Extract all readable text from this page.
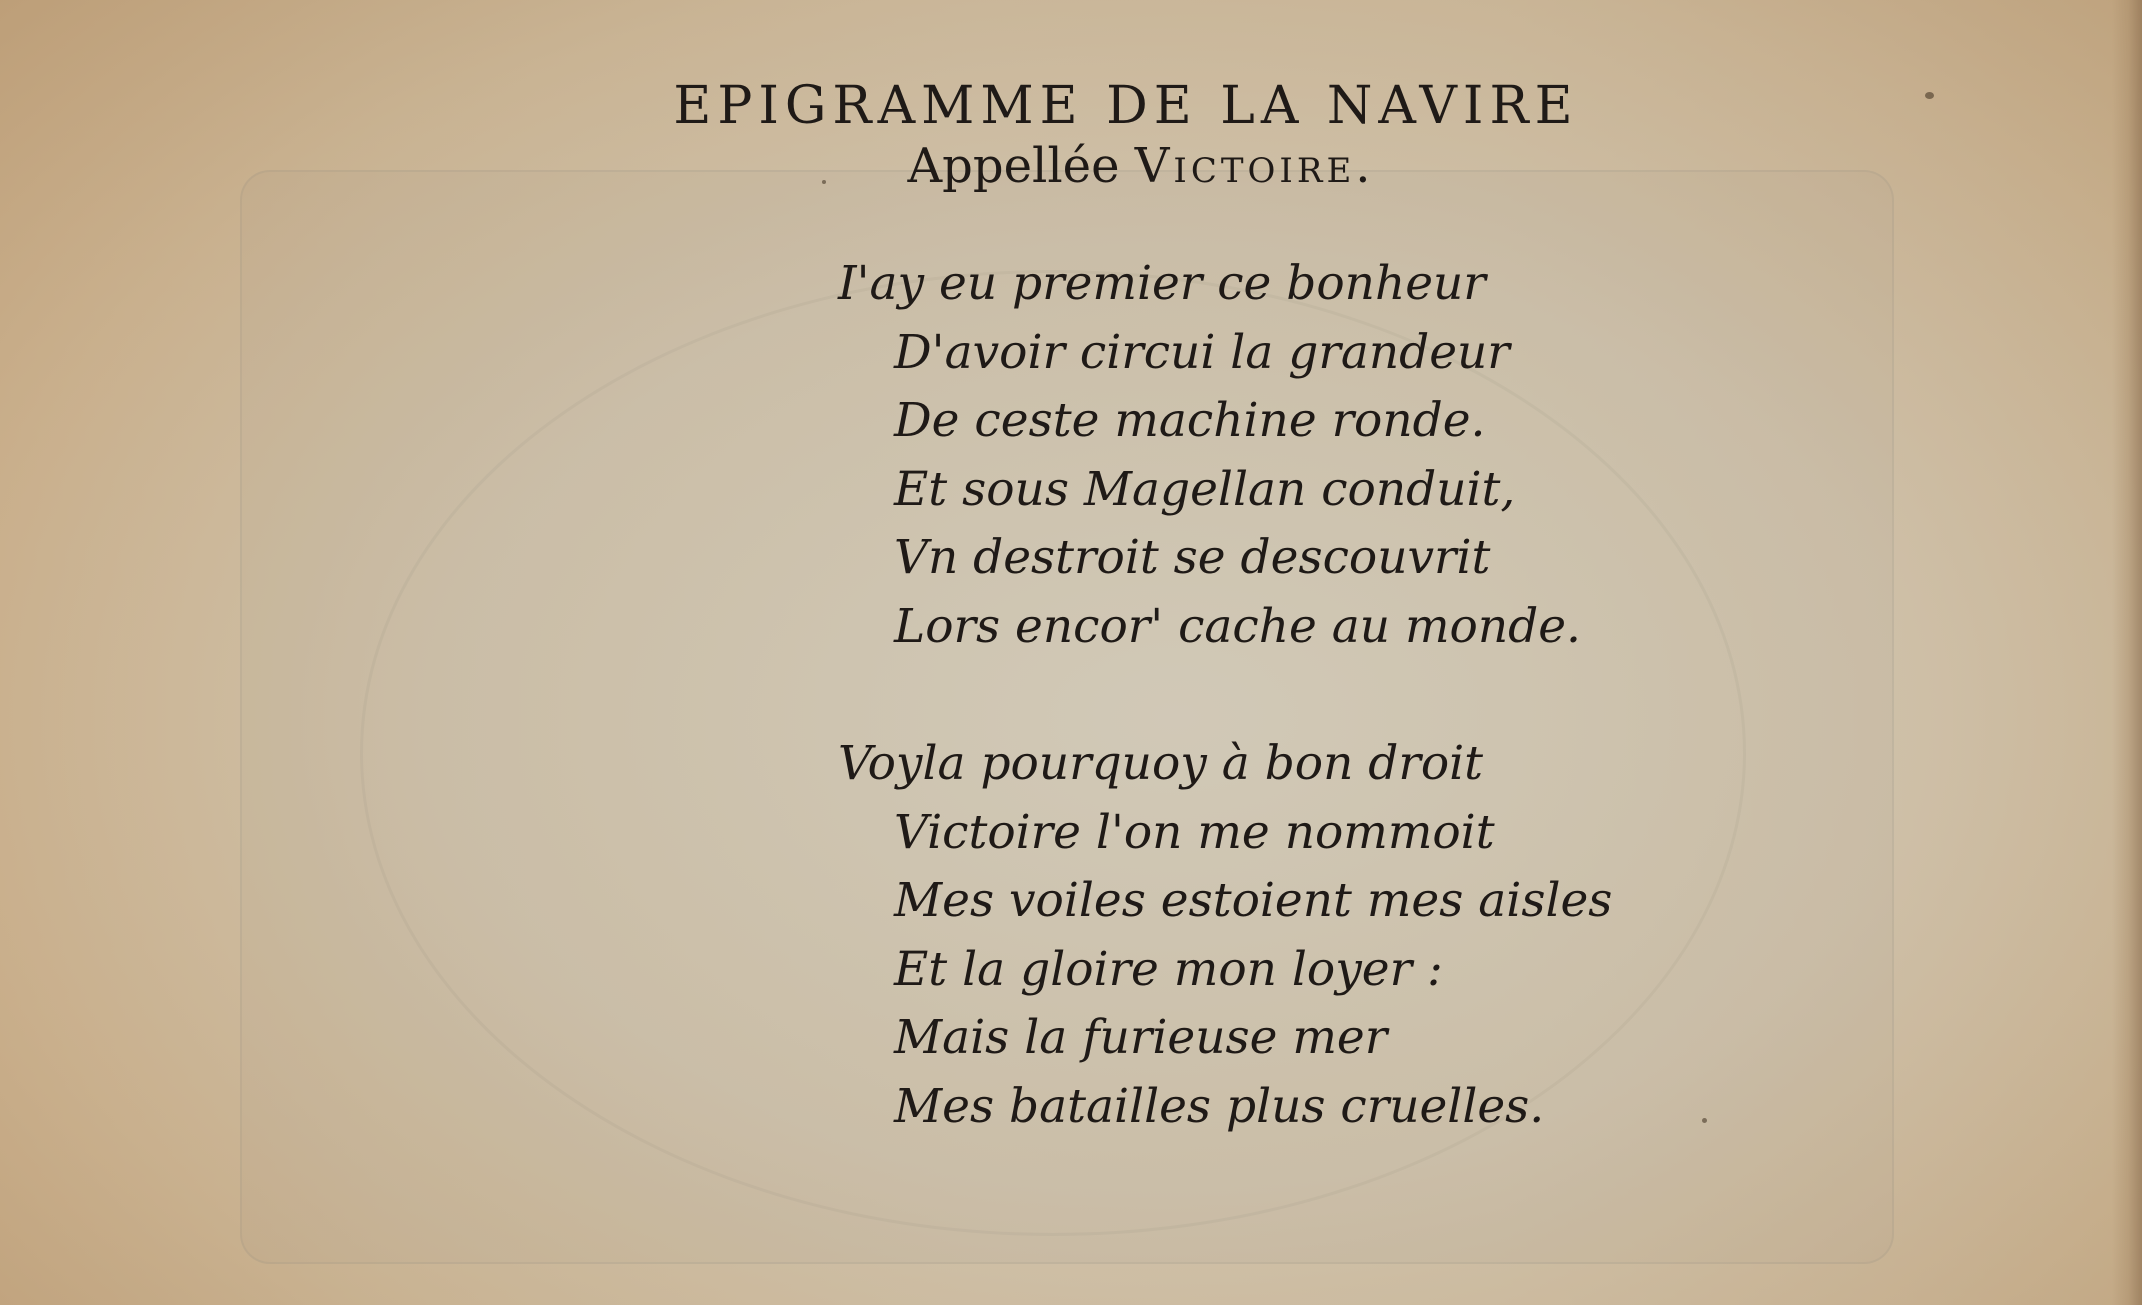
EPIGRAMME DE LA NAVIRE
Appellée Victoire.
I'ay eu premier ce bonheur
D'avoir circui la grandeur
De ceste machine ronde.
Et sous Magellan conduit,
Vn destroit se descouvrit
Lors encor' cache au monde.
Voyla pourquoy à bon droit
Victoire l'on me nommoit
Mes voiles estoient mes aisles
Et la gloire mon loyer :
Mais la furieuse mer
Mes batailles plus cruelles.
